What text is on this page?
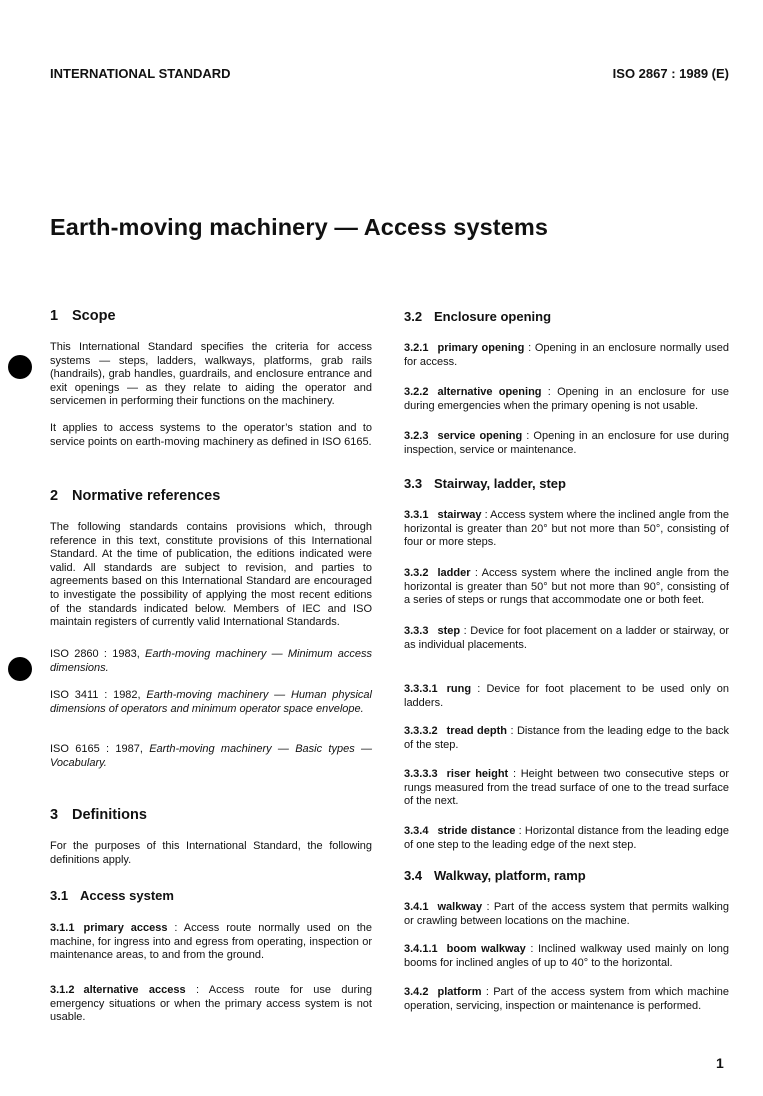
INTERNATIONAL STANDARD	ISO 2867 : 1989 (E)
Earth-moving machinery — Access systems
1 Scope
This International Standard specifies the criteria for access systems — steps, ladders, walkways, platforms, grab rails (handrails), grab handles, guardrails, and enclosure entrance and exit openings — as they relate to aiding the operator and servicemen in performing their functions on the machinery.
It applies to access systems to the operator’s station and to service points on earth-moving machinery as defined in ISO 6165.
2 Normative references
The following standards contains provisions which, through reference in this text, constitute provisions of this International Standard. At the time of publication, the editions indicated were valid. All standards are subject to revision, and parties to agreements based on this International Standard are encouraged to investigate the possibility of applying the most recent editions of the standards indicated below. Members of IEC and ISO maintain registers of currently valid International Standards.
ISO 2860 : 1983, Earth-moving machinery — Minimum access dimensions.
ISO 3411 : 1982, Earth-moving machinery — Human physical dimensions of operators and minimum operator space envelope.
ISO 6165 : 1987, Earth-moving machinery — Basic types — Vocabulary.
3 Definitions
For the purposes of this International Standard, the following definitions apply.
3.1 Access system
3.1.1 primary access : Access route normally used on the machine, for ingress into and egress from operating, inspection or maintenance areas, to and from the ground.
3.1.2 alternative access : Access route for use during emergency situations or when the primary access system is not usable.
3.2.1 primary opening : Opening in an enclosure normally used for access.
3.2.2 alternative opening : Opening in an enclosure for use during emergencies when the primary opening is not usable.
3.2.3 service opening : Opening in an enclosure for use during inspection, service or maintenance.
3.3.1 stairway : Access system where the inclined angle from the horizontal is greater than 20° but not more than 50°, consisting of four or more steps.
3.3.2 ladder : Access system where the inclined angle from the horizontal is greater than 50° but not more than 90°, consisting of a series of steps or rungs that accommodate one or both feet.
3.3.3 step : Device for foot placement on a ladder or stairway, or as individual placements.
3.3.3.1 rung : Device for foot placement to be used only on ladders.
3.3.3.2 tread depth : Distance from the leading edge to the back of the step.
3.3.3.3 riser height : Height between two consecutive steps or rungs measured from the tread surface of one to the tread surface of the next.
3.3.4 stride distance : Horizontal distance from the leading edge of one step to the leading edge of the next step.
3.4.1 walkway : Part of the access system that permits walking or crawling between locations on the machine.
3.4.1.1 boom walkway : Inclined walkway used mainly on long booms for inclined angles of up to 40° to the horizontal.
3.4.2 platform : Part of the access system from which machine operation, servicing, inspection or maintenance is performed.
1
3.2 Enclosure opening
3.3 Stairway, ladder, step
3.4 Walkway, platform, ramp
